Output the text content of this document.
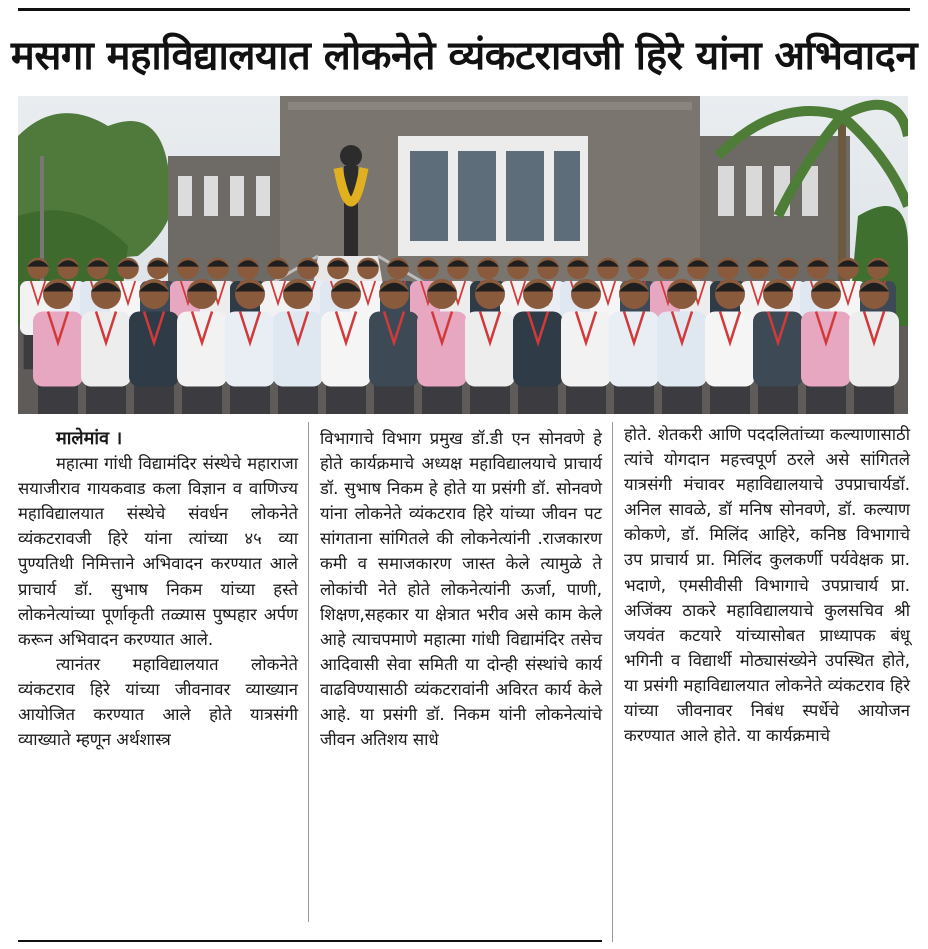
मसगा महाविद्यालयात लोकनेते व्यंकटरावजी हिरे यांना अभिवादन

मालेमांव ।

महात्मा गांधी विद्यामंदिर संस्थेचे महाराजा सयाजीराव गायकवाड कला विज्ञान व वाणिज्य महाविद्यालयात संस्थेचे संवर्धन लोकनेते व्यंकटरावजी हिरे यांना त्यांच्या ४५ व्या पुण्यतिथी निमित्ताने अभिवादन करण्यात आले प्राचार्य डॉ. सुभाष निकम यांच्या हस्ते लोकनेत्यांच्या पूर्णाकृती तळ्यास पुष्पहार अर्पण करून अभिवादन करण्यात आले.

त्यानंतर महाविद्यालयात लोकनेते व्यंकटराव हिरे यांच्या जीवनावर व्याख्यान आयोजित करण्यात आले होते यात्रसंगी व्याख्याते म्हणून अर्थशास्त्र

विभागाचे विभाग प्रमुख डॉ.डी एन सोनवणे हे होते कार्यक्रमाचे अध्यक्ष महाविद्यालयाचे प्राचार्य डॉ. सुभाष निकम हे होते या प्रसंगी डॉ. सोनवणे यांना लोकनेते व्यंकटराव हिरे यांच्या जीवन पट सांगताना सांगितले की लोकनेत्यांनी .राजकारण कमी व समाजकारण जास्त केले त्यामुळे ते लोकांची नेते होते लोकनेत्यांनी ऊर्जा, पाणी, शिक्षण,सहकार या क्षेत्रात भरीव असे काम केले आहे त्याचपमाणे महात्मा गांधी विद्यामंदिर तसेच आदिवासी सेवा समिती या दोन्ही संस्थांचे कार्य वाढविण्यासाठी व्यंकटरावांनी अविरत कार्य केले आहे. या प्रसंगी डॉ. निकम यांनी लोकनेत्यांचे जीवन अतिशय साधे

होते. शेतकरी आणि पददलितांच्या कल्याणासाठी त्यांचे योगदान महत्त्वपूर्ण ठरले असे सांगितले यात्रसंगी मंचावर महाविद्यालयाचे उपप्राचार्यडॉ. अनिल सावळे, डॉ मनिष सोनवणे, डॉ. कल्याण कोकणे, डॉ. मिलिंद आहिरे, कनिष्ठ विभागाचे उप प्राचार्य प्रा. मिलिंद कुलकर्णी पर्यवेक्षक प्रा. भदाणे, एमसीवीसी विभागाचे उपप्राचार्य प्रा. अजिंक्य ठाकरे महाविद्यालयाचे कुलसचिव श्री जयवंत कटयारे यांच्यासोबत प्राध्यापक बंधू भगिनी व विद्यार्थी मोठ्यासंख्येने उपस्थित होते, या प्रसंगी महाविद्यालयात लोकनेते व्यंकटराव हिरे यांच्या जीवनावर निबंध स्पर्धेचे आयोजन करण्यात आले होते. या कार्यक्रमाचे
